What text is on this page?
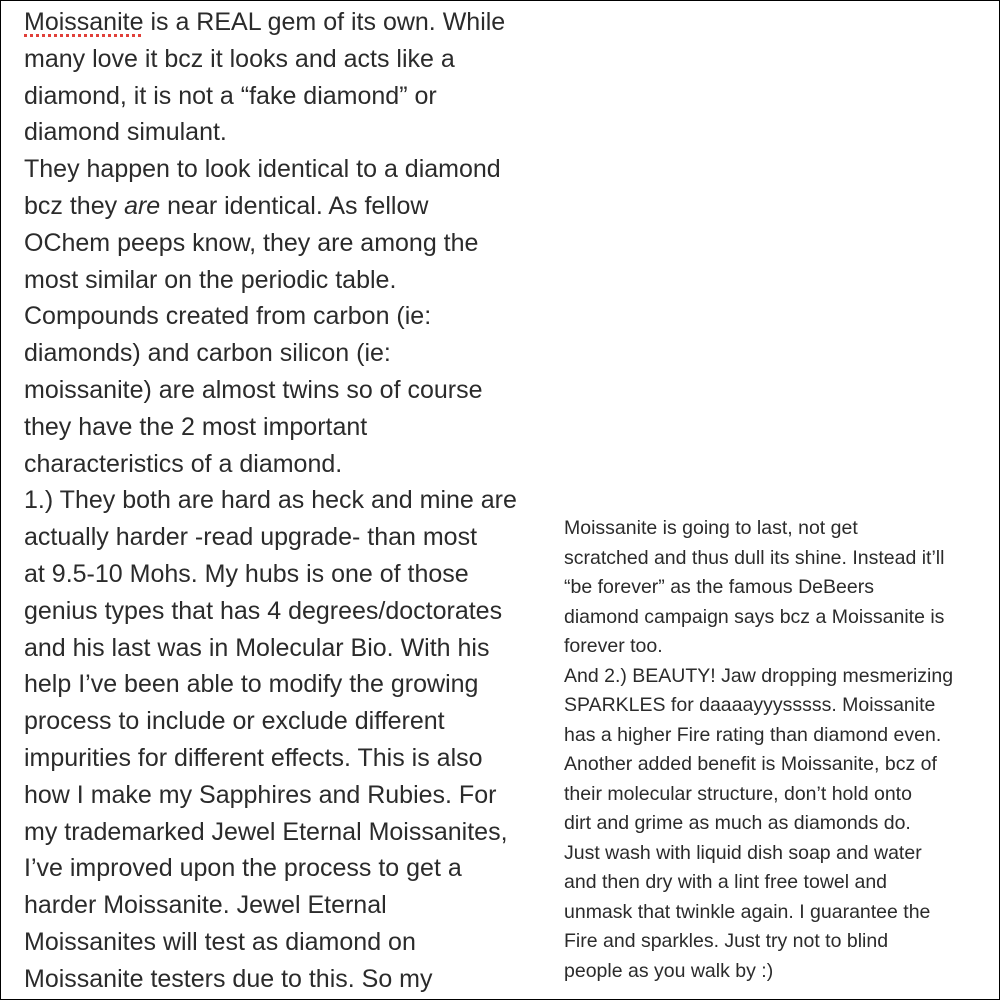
Moissanite is a REAL gem of its own. While
many love it bcz it looks and acts like a
diamond, it is not a “fake diamond” or
diamond simulant.
They happen to look identical to a diamond
bcz they are near identical. As fellow
OChem peeps know, they are among the
most similar on the periodic table.
Compounds created from carbon (ie:
diamonds) and carbon silicon (ie:
moissanite) are almost twins so of course
they have the 2 most important
characteristics of a diamond.
1.) They both are hard as heck and mine are
actually harder -read upgrade- than most
at 9.5-10 Mohs. My hubs is one of those
genius types that has 4 degrees/doctorates
and his last was in Molecular Bio. With his
help I’ve been able to modify the growing
process to include or exclude different
impurities for different effects. This is also
how I make my Sapphires and Rubies. For
my trademarked Jewel Eternal Moissanites,
I’ve improved upon the process to get a
harder Moissanite. Jewel Eternal
Moissanites will test as diamond on
Moissanite testers due to this. So my
Moissanite is going to last, not get
scratched and thus dull its shine. Instead it’ll
“be forever” as the famous DeBeers
diamond campaign says bcz a Moissanite is
forever too.
And 2.) BEAUTY! Jaw dropping mesmerizing
SPARKLES for daaaayyysssss. Moissanite
has a higher Fire rating than diamond even.
Another added benefit is Moissanite, bcz of
their molecular structure, don’t hold onto
dirt and grime as much as diamonds do.
Just wash with liquid dish soap and water
and then dry with a lint free towel and
unmask that twinkle again. I guarantee the
Fire and sparkles. Just try not to blind
people as you walk by :)
